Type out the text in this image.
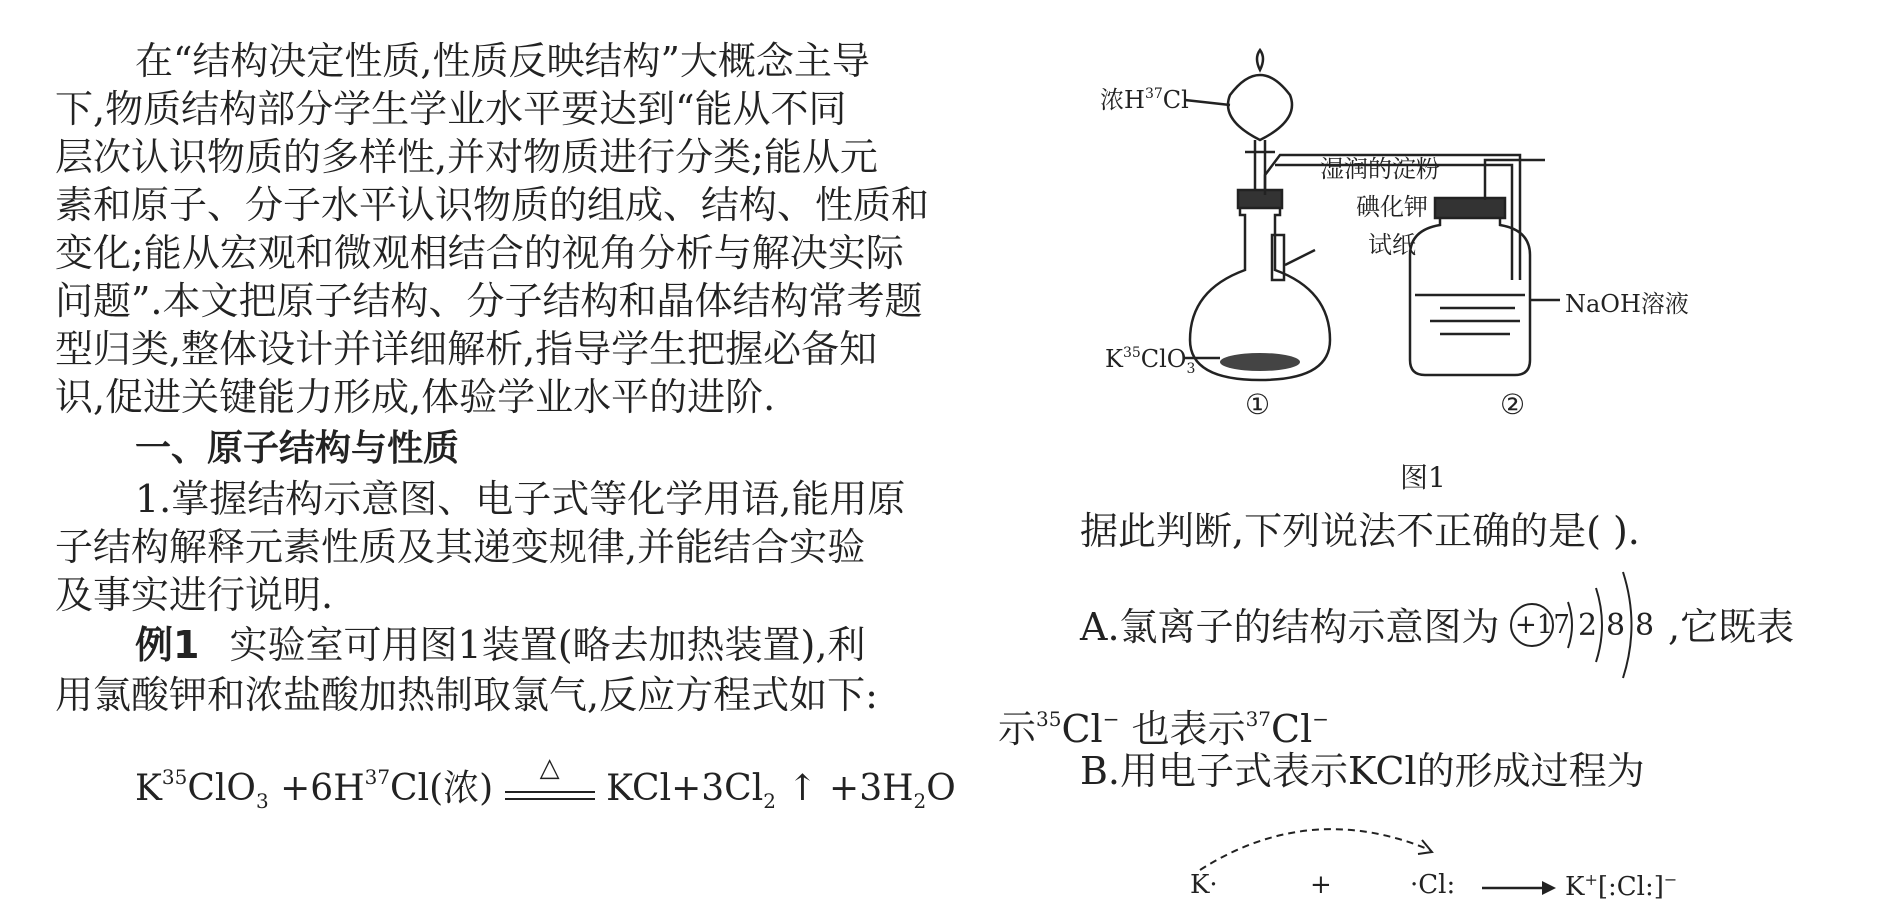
在“结构决定性质,性质反映结构”大概念主导

下,物质结构部分学生学业水平要达到“能从不同

层次认识物质的多样性,并对物质进行分类;能从元

素和原子、分子水平认识物质的组成、结构、性质和

变化;能从宏观和微观相结合的视角分析与解决实际

问题”.本文把原子结构、分子结构和晶体结构常考题

型归类,整体设计并详细解析,指导学生把握必备知

识,促进关键能力形成,体验学业水平的进阶.

一、原子结构与性质

1.掌握结构示意图、电子式等化学用语,能用原

子结构解释元素性质及其递变规律,并能结合实验

及事实进行说明.

例1 实验室可用图1装置(略去加热装置),利

用氯酸钾和浓盐酸加热制取氯气,反应方程式如下:

$K^{35}ClO_3 +6H^{37}Cl$(浓)	△	$KCl+3Cl_2$ ↑ $+3H_2O$

浓$H^{37}Cl$
湿润的淀粉
碘化钾
试纸
$K^{35}ClO_3$
NaOH溶液
①	②
图1

据此判断,下列说法不正确的是( ).

A.氯离子的结构示意图为 +17 2 8 8 ,它既表

示$^{35}$Cl− 也表示$^{37}$Cl−

B.用电子式表示KCl的形成过程为

K·	+	·Cl:	K+[:Cl:]−
